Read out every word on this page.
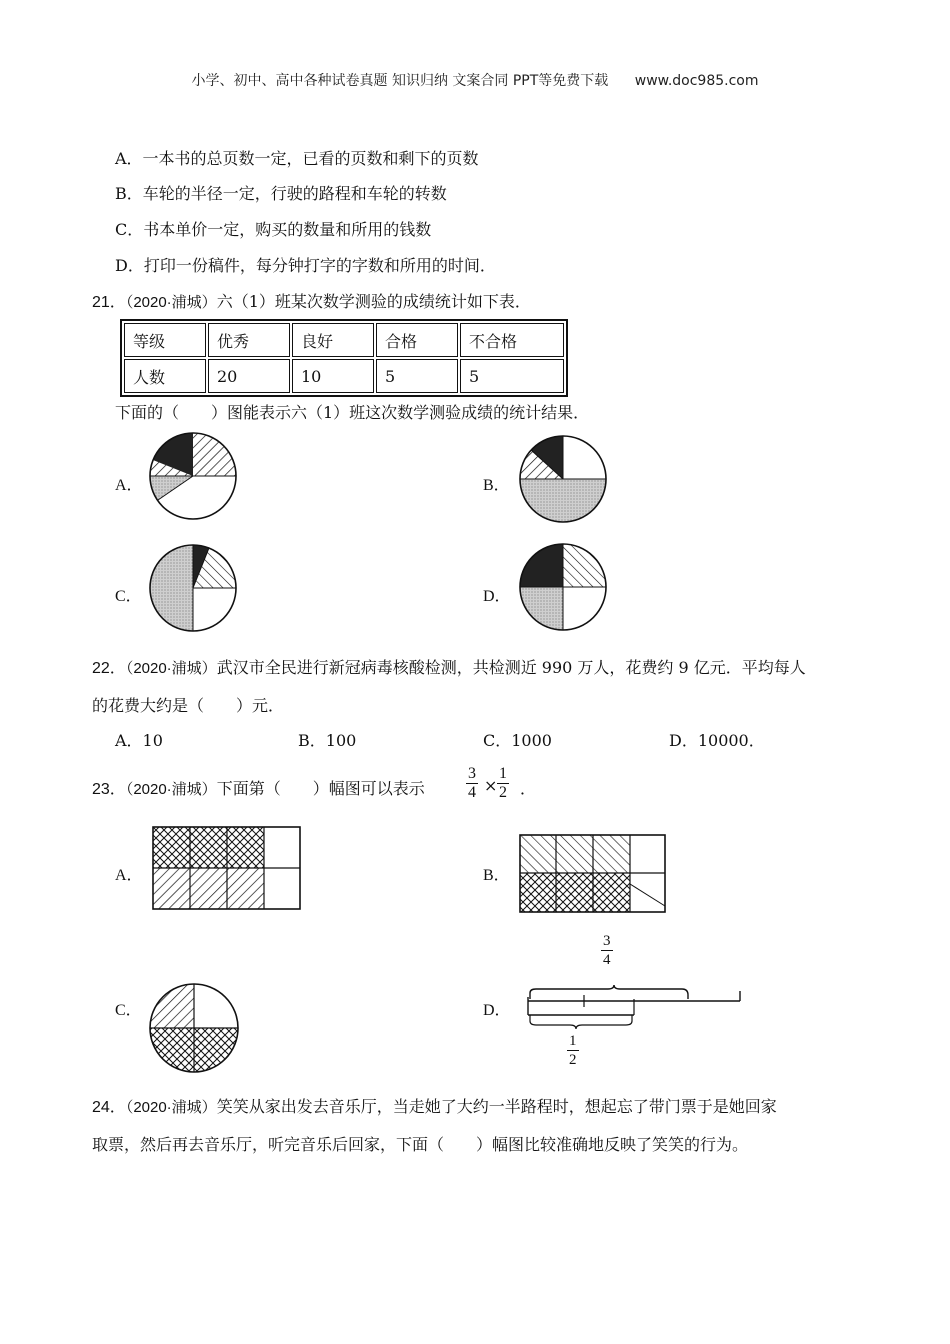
小学、初中、高中各种试卷真题 知识归纳 文案合同 PPT等免费下载 www.doc985.com
A．一本书的总页数一定，已看的页数和剩下的页数
B．车轮的半径一定，行驶的路程和车轮的转数
C．书本单价一定，购买的数量和所用的钱数
D．打印一份稿件，每分钟打字的字数和所用的时间．
21．（2020·浦城）六（1）班某次数学测验的成绩统计如下表．
等级	优秀	良好	合格	不合格
人数	20	10	5	5
下面的（　　）图能表示六（1）班这次数学测验成绩的统计结果．
A．	B．
C．	D．
22．（2020·浦城）武汉市全民进行新冠病毒核酸检测，共检测近 990 万人，花费约 9 亿元．平均每人
的花费大约是（　　）元．
A．10	B．100	C．1000	D．10000．
23．（2020·浦城）下面第（　　）幅图可以表示	$\frac{3}{4} \times \frac{1}{2}$ ．
A．	B．
C．	D．
$\frac{3}{4}$
$\frac{1}{2}$
24．（2020·浦城）笑笑从家出发去音乐厅，当走她了大约一半路程时，想起忘了带门票于是她回家
取票，然后再去音乐厅，听完音乐后回家，下面（　　）幅图比较准确地反映了笑笑的行为。
